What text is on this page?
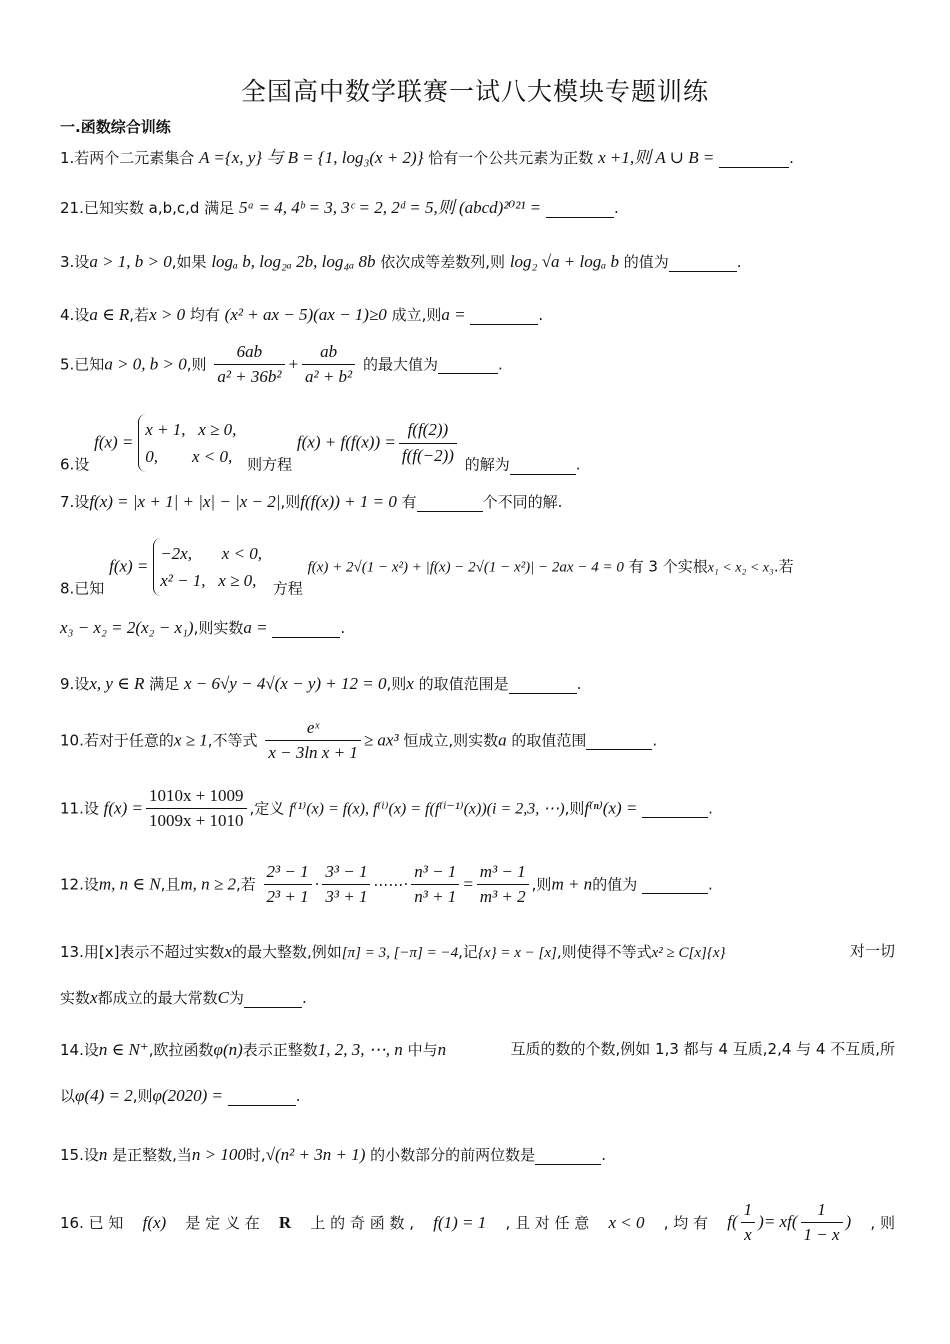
全国高中数学联赛一试八大模块专题训练
一.函数综合训练
1.若两个二元素集合 A ={x, y} 与 B = {1, log₃(x + 2)} 恰有一个公共元素为正数 x +1,则 A ∪ B =	.
21.已知实数 a,b,c,d 满足 5ᵃ = 4, 4ᵇ = 3, 3ᶜ = 2, 2ᵈ = 5,则 (abcd)²⁰²¹ =	.
3.设a > 1, b > 0,如果 logₐ b, log₂ₐ 2b, log₄ₐ 8b 依次成等差数列,则 log₂ √a + logₐ b 的值为	.
4.设a ∈ R,若x > 0 均有 (x² + ax − 5)(ax − 1)≥0 成立,则a =	.
5.已知a > 0, b > 0,则 $\frac{6ab}{\text{a² + 36b²}} + \frac{ab}{\text{a² + b²}}$ 的最大值为	.
6.设 f(x) =
x + 1,   x ≥ 0,
0,        x < 0, 则方程 $f(x) + f(f(x)) = \frac{f(f(2))}{f(f(-2))}$ 的解为	.
7.设f(x) = |x + 1| + |x| − |x − 2|,则f(f(x)) + 1 = 0 有	个不同的解.
8.已知 f(x) =
−2x,       x < 0,
x² − 1,   x ≥ 0,	方程 f(x) + 2√(1 − x²) + |f(x) − 2√(1 − x²)| − 2ax − 4 = 0 有 3 个实根x₁ < x₂ < x₃.若
x₃ − x₂ = 2(x₂ − x₁),则实数a =	.
9.设x, y ∈ R 满足 x − 6√y − 4√(x − y) + 12 = 0,则x 的取值范围是	.
10.若对于任意的x ≥ 1,不等式 $\frac{\text{eˣ}}{\text{x − 3ln x + 1}} \ge ax^3$ 恒成立,则实数a 的取值范围	.
11.设 $f(x) = \frac{1010x + 1009}{1009x + 1010}$ ,定义 f⁽¹⁾(x) = f(x), f⁽ⁱ⁾(x) = f(f⁽ⁱ⁻¹⁾(x))(i = 2,3, ⋯),则f⁽ⁿ⁾(x) =	.
12.设m, n ∈ N,且m, n ≥ 2,若 $\frac{\text{2³ − 1}}{\text{2³ + 1}} \cdot \frac{\text{3³ − 1}}{\text{3³ + 1}}$ ⋯⋯· $\frac{\text{n³ − 1}}{\text{n³ + 1}} = \frac{\text{m³ − 1}}{\text{m³ + 2}}$ ,则m + n的值为	.
13.用[x]表示不超过实数x的最大整数,例如[π] = 3, [−π] = −4,记{x} = x − [x],则使得不等式x² ≥ C[x]{x}	对一切
实数x都成立的最大常数C为	.
14.设n ∈ N⁺,欧拉函数φ(n)表示正整数1, 2, 3, ⋯, n 中与n	互质的数的个数,例如 1,3 都与 4 互质,2,4 与 4 不互质,所
以φ(4) = 2,则φ(2020) =	.
15.设n 是正整数,当n > 100时,√(n² + 3n + 1) 的小数部分的前两位数是	.
16. 已 知 f(x) 是 定 义 在 R 上 的 奇 函 数 , f(1) = 1 , 且 对 任 意 x < 0 , 均 有 $f( \frac{1}{x}$ )= $xf( \frac{1}{1 - x}$ ) , 则
